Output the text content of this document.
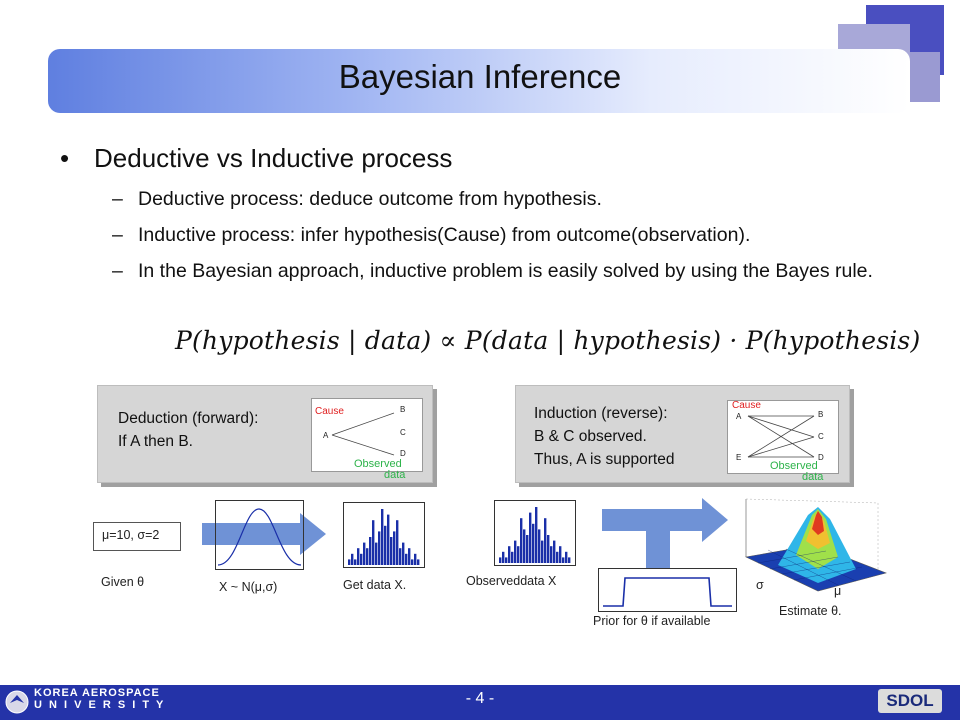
Bayesian Inference
• Deductive vs Inductive process
– Deductive process: deduce outcome from hypothesis.
– Inductive process: infer hypothesis(Cause) from outcome(observation).
– In the Bayesian approach, inductive problem is easily solved by using the Bayes rule.
P(hypothesis | data) ∝ P(data | hypothesis) · P(hypothesis)
Deduction (forward):
If A then B.
Cause
A
B
C
D
Observed
data
Induction (reverse):
B & C observed.
Thus, A is supported
Cause
A
E
B
C
D
Observed
data
μ=10, σ=2
Given θ	X ~ N(μ,σ)	Get data X.	Observeddata X
Prior for θ if available
Estimate θ.
σ	μ
KOREA AEROSPACE
U N I V E R S I T Y	- 4 -	SDOL
